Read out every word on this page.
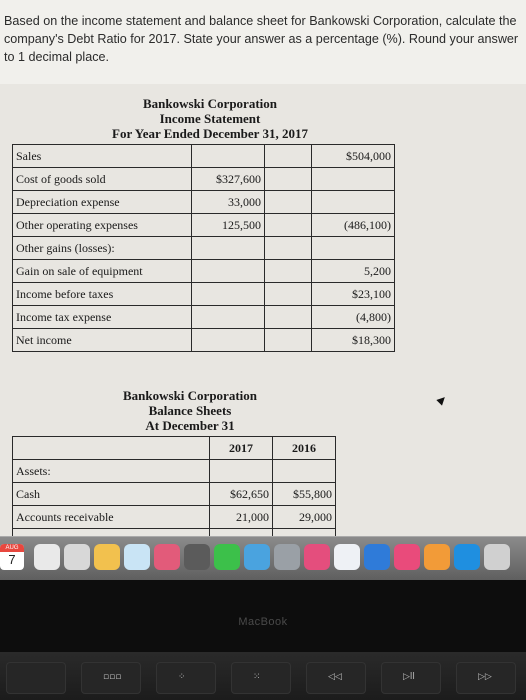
Based on the income statement and balance sheet for Bankowski Corporation, calculate the company's Debt Ratio for 2017. State your answer as a percentage (%). Round your answer to 1 decimal place.
Bankowski Corporation
Income Statement
For Year Ended December 31, 2017
Sales			$504,000
Cost of goods sold	$327,600		
Depreciation expense	33,000		
Other operating expenses	125,500		(486,100)
Other gains (losses):			
Gain on sale of equipment			5,200
Income before taxes			$23,100
Income tax expense			(4,800)
Net income			$18,300
Bankowski Corporation
Balance Sheets
At December 31
	2017	2016
Assets:		
Cash	$62,650	$55,800
Accounts receivable	21,000	29,000

AUG
7
MacBook
▫▫▫	⁘	⁙	◁◁	▷ll	▷▷
